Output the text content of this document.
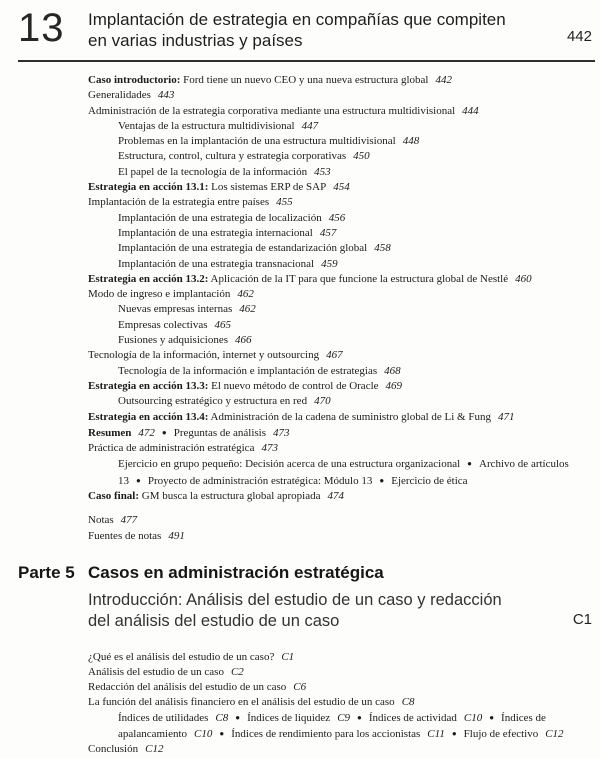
13	Implantación de estrategia en compañías que compiten
en varias industrias y países	442
Caso introductorio: Ford tiene un nuevo CEO y una nueva estructura global 442
Generalidades 443
Administración de la estrategia corporativa mediante una estructura multidivisional 444
Ventajas de la estructura multidivisional 447
Problemas en la implantación de una estructura multidivisional 448
Estructura, control, cultura y estrategia corporativas 450
El papel de la tecnología de la información 453
Estrategia en acción 13.1: Los sistemas ERP de SAP 454
Implantación de la estrategia entre países 455
Implantación de una estrategia de localización 456
Implantación de una estrategia internacional 457
Implantación de una estrategia de estandarización global 458
Implantación de una estrategia transnacional 459
Estrategia en acción 13.2: Aplicación de la IT para que funcione la estructura global de Nestlé 460
Modo de ingreso e implantación 462
Nuevas empresas internas 462
Empresas colectivas 465
Fusiones y adquisiciones 466
Tecnología de la información, internet y outsourcing 467
Tecnología de la información e implantación de estrategias 468
Estrategia en acción 13.3: El nuevo método de control de Oracle 469
Outsourcing estratégico y estructura en red 470
Estrategia en acción 13.4: Administración de la cadena de suministro global de Li & Fung 471
Resumen 472 ● Preguntas de análisis 473
Práctica de administración estratégica 473
Ejercicio en grupo pequeño: Decisión acerca de una estructura organizacional ● Archivo de artículos 13 ● Proyecto de administración estratégica: Módulo 13 ● Ejercicio de ética
Caso final: GM busca la estructura global apropiada 474
Notas 477
Fuentes de notas 491
Parte 5 Casos en administración estratégica
Introducción: Análisis del estudio de un caso y redacción
del análisis del estudio de un caso	C1
¿Qué es el análisis del estudio de un caso? C1
Análisis del estudio de un caso C2
Redacción del análisis del estudio de un caso C6
La función del análisis financiero en el análisis del estudio de un caso C8
Índices de utilidades C8 ● Índices de liquidez C9 ● Índices de actividad C10 ● Índices de apalancamiento C10 ● Índices de rendimiento para los accionistas C11 ● Flujo de efectivo C12
Conclusión C12
